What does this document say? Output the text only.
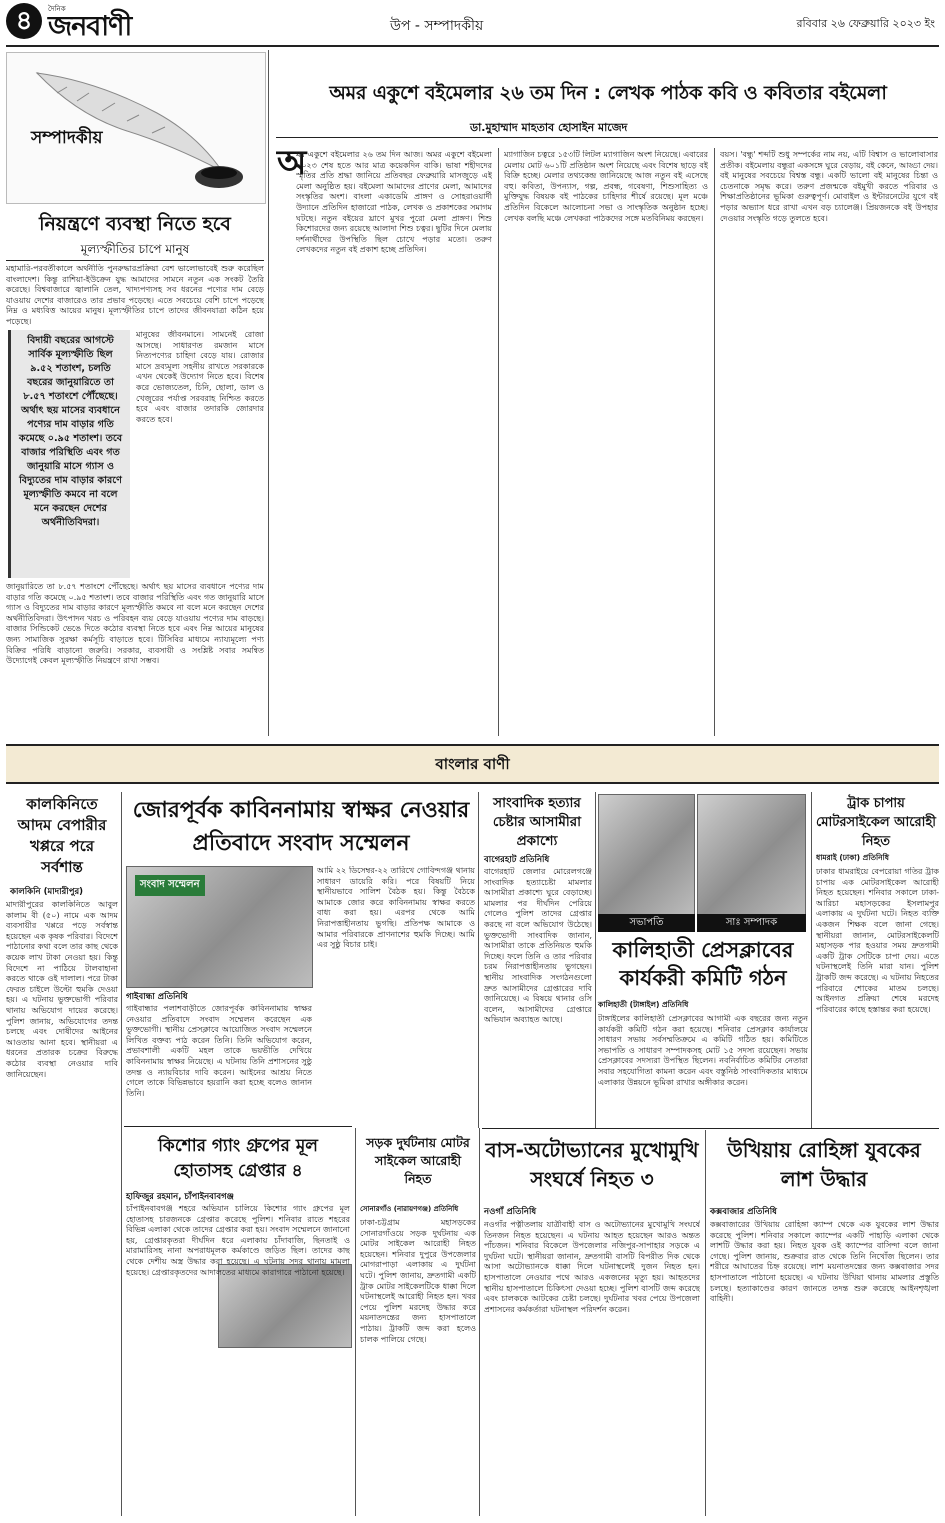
৪	দৈনিক
জনবাণী	উপ - সম্পাদকীয়	রবিবার ২৬ ফেব্রুয়ারি ২০২৩ ইং
সম্পাদকীয়
নিয়ন্ত্রণে ব্যবস্থা নিতে হবে
মূল্যস্ফীতির চাপে মানুষ
মহামারি-পরবর্তীকালে অর্থনীতি পুনরুদ্ধারপ্রক্রিয়া বেশ ভালোভাবেই শুরু করেছিল বাংলাদেশ। কিন্তু রাশিয়া-ইউক্রেন যুদ্ধ আমাদের সামনে নতুন এক সংকট তৈরি করেছে। বিশ্ববাজারে জ্বালানি তেল, খাদ্যপণ্যসহ সব ধরনের পণ্যের দাম বেড়ে যাওয়ায় দেশের বাজারেও তার প্রভাব পড়েছে। এতে সবচেয়ে বেশি চাপে পড়েছে নিম্ন ও মধ্যবিত্ত আয়ের মানুষ। মূল্যস্ফীতির চাপে তাদের জীবনযাত্রা কঠিন হয়ে পড়েছে।
বিদায়ী বছরের আগস্টে সার্বিক মূল্যস্ফীতি ছিল ৯.৫২ শতাংশ, চলতি বছরের জানুয়ারিতে তা ৮.৫৭ শতাংশে পৌঁছেছে। অর্থাৎ ছয় মাসের ব্যবধানে পণ্যের দাম বাড়ার গতি কমেছে ০.৯৫ শতাংশ। তবে বাজার পরিস্থিতি এবং গত জানুয়ারি মাসে গ্যাস ও বিদ্যুতের দাম বাড়ার কারণে মূল্যস্ফীতি কমবে না বলে মনে করছেন দেশের অর্থনীতিবিদরা।
মানুষের জীবনমানে। সামনেই রোজা আসছে। সাধারণত রমজান মাসে নিত্যপণ্যের চাহিদা বেড়ে যায়। রোজার মাসে দ্রব্যমূল্য সহনীয় রাখতে সরকারকে এখন থেকেই উদ্যোগ নিতে হবে। বিশেষ করে ভোজ্যতেল, চিনি, ছোলা, ডাল ও খেজুরের পর্যাপ্ত সরবরাহ নিশ্চিত করতে হবে এবং বাজার তদারকি জোরদার করতে হবে।
জানুয়ারিতে তা ৮.৫৭ শতাংশে পৌঁছেছে। অর্থাৎ ছয় মাসের ব্যবধানে পণ্যের দাম বাড়ার গতি কমেছে ০.৯৫ শতাংশ। তবে বাজার পরিস্থিতি এবং গত জানুয়ারি মাসে গ্যাস ও বিদ্যুতের দাম বাড়ার কারণে মূল্যস্ফীতি কমবে না বলে মনে করছেন দেশের অর্থনীতিবিদরা। উৎপাদন খরচ ও পরিবহন ব্যয় বেড়ে যাওয়ায় পণ্যের দাম বাড়ছে। বাজার সিন্ডিকেট ভেঙে দিতে কঠোর ব্যবস্থা নিতে হবে এবং নিম্ন আয়ের মানুষের জন্য সামাজিক সুরক্ষা কর্মসূচি বাড়াতে হবে। টিসিবির মাধ্যমে ন্যায্যমূল্যে পণ্য বিক্রির পরিধি বাড়ানো জরুরি। সরকার, ব্যবসায়ী ও সংশ্লিষ্ট সবার সমন্বিত উদ্যোগেই কেবল মূল্যস্ফীতি নিয়ন্ত্রণে রাখা সম্ভব।
অমর একুশে বইমেলার ২৬ তম দিন : লেখক পাঠক কবি ও কবিতার বইমেলা
ডা.মুহাম্মাদ মাহতাব হোসাইন মাজেদ
অ
মর একুশে বইমেলার ২৬ তম দিন আজ। অমর একুশে বইমেলা ২০২৩ শেষ হতে আর মাত্র কয়েকদিন বাকি। ভাষা শহীদদের স্মৃতির প্রতি শ্রদ্ধা জানিয়ে প্রতিবছর ফেব্রুয়ারি মাসজুড়ে এই মেলা অনুষ্ঠিত হয়। বইমেলা আমাদের প্রাণের মেলা, আমাদের সংস্কৃতির অংশ। বাংলা একাডেমি প্রাঙ্গণ ও সোহরাওয়ার্দী উদ্যানে প্রতিদিন হাজারো পাঠক, লেখক ও প্রকাশকের সমাগম ঘটছে। নতুন বইয়ের ঘ্রাণে মুখর পুরো মেলা প্রাঙ্গণ। শিশু কিশোরদের জন্য রয়েছে আলাদা শিশু চত্বর। ছুটির দিনে মেলায় দর্শনার্থীদের উপস্থিতি ছিল চোখে পড়ার মতো। তরুণ লেখকদের নতুন বই প্রকাশ হচ্ছে প্রতিদিন।
ম্যাগাজিন চত্বরে ১৫৩টি লিটল ম্যাগাজিন অংশ নিয়েছে। এবারের মেলায় মোট ৬০১টি প্রতিষ্ঠান অংশ নিয়েছে এবং বিশেষ ছাড়ে বই বিক্রি হচ্ছে। মেলার তথ্যকেন্দ্র জানিয়েছে আজ নতুন বই এসেছে বহু। কবিতা, উপন্যাস, গল্প, প্রবন্ধ, গবেষণা, শিশুসাহিত্য ও মুক্তিযুদ্ধ বিষয়ক বই পাঠকের চাহিদার শীর্ষে রয়েছে। মূল মঞ্চে প্রতিদিন বিকেলে আলোচনা সভা ও সাংস্কৃতিক অনুষ্ঠান হচ্ছে। লেখক বলছি মঞ্চে লেখকরা পাঠকদের সঙ্গে মতবিনিময় করছেন।
বয়স। 'বন্ধু' শব্দটি শুধু সম্পর্কের নাম নয়, এটি বিশ্বাস ও ভালোবাসার প্রতীক। বইমেলায় বন্ধুরা একসঙ্গে ঘুরে বেড়ায়, বই কেনে, আড্ডা দেয়। বই মানুষের সবচেয়ে বিশ্বস্ত বন্ধু। একটি ভালো বই মানুষের চিন্তা ও চেতনাকে সমৃদ্ধ করে। তরুণ প্রজন্মকে বইমুখী করতে পরিবার ও শিক্ষাপ্রতিষ্ঠানের ভূমিকা গুরুত্বপূর্ণ। মোবাইল ও ইন্টারনেটের যুগে বই পড়ার অভ্যাস ধরে রাখা এখন বড় চ্যালেঞ্জ। প্রিয়জনকে বই উপহার দেওয়ার সংস্কৃতি গড়ে তুলতে হবে।
বাংলার বাণী
কালকিনিতে আদম বেপারীর খপ্পরে পরে সর্বশান্ত
কালকিনি (মাদারীপুর)
মাদারীপুরের কালকিনিতে আবুল কালাম বী (৫০) নামে এক আদম ব্যবসায়ীর খপ্পরে পড়ে সর্বস্বান্ত হয়েছেন এক কৃষক পরিবার। বিদেশে পাঠানোর কথা বলে তার কাছ থেকে কয়েক লাখ টাকা নেওয়া হয়। কিন্তু বিদেশে না পাঠিয়ে টালবাহানা করতে থাকে ওই দালাল। পরে টাকা ফেরত চাইলে উল্টো হুমকি দেওয়া হয়। এ ঘটনায় ভুক্তভোগী পরিবার থানায় অভিযোগ দায়ের করেছে। পুলিশ জানায়, অভিযোগের তদন্ত চলছে এবং দোষীদের আইনের আওতায় আনা হবে। স্থানীয়রা এ ধরনের প্রতারক চক্রের বিরুদ্ধে কঠোর ব্যবস্থা নেওয়ার দাবি জানিয়েছেন।
জোরপূর্বক কাবিননামায় স্বাক্ষর নেওয়ার প্রতিবাদে সংবাদ সম্মেলন
সংবাদ সম্মেলন
গাইবান্ধা প্রতিনিধি
আমি ২২ ডিসেম্বর-২২ তারিখে গোবিন্দগঞ্জ থানায় সাধারণ ডায়েরি করি। পরে বিষয়টি নিয়ে স্থানীয়ভাবে সালিশ বৈঠক হয়। কিন্তু বৈঠকে আমাকে জোর করে কাবিননামায় স্বাক্ষর করতে বাধ্য করা হয়। এরপর থেকে আমি নিরাপত্তাহীনতায় ভুগছি। প্রতিপক্ষ আমাকে ও আমার পরিবারকে প্রাণনাশের হুমকি দিচ্ছে। আমি এর সুষ্ঠু বিচার চাই।
গাইবান্ধার পলাশবাড়ীতে জোরপূর্বক কাবিননামায় স্বাক্ষর নেওয়ার প্রতিবাদে সংবাদ সম্মেলন করেছেন এক ভুক্তভোগী। স্থানীয় প্রেসক্লাবে আয়োজিত সংবাদ সম্মেলনে লিখিত বক্তব্য পাঠ করেন তিনি। তিনি অভিযোগ করেন, প্রভাবশালী একটি মহল তাকে ভয়ভীতি দেখিয়ে কাবিননামায় স্বাক্ষর নিয়েছে। এ ঘটনায় তিনি প্রশাসনের সুষ্ঠু তদন্ত ও ন্যায়বিচার দাবি করেন। আইনের আশ্রয় নিতে গেলে তাকে বিভিন্নভাবে হয়রানি করা হচ্ছে বলেও জানান তিনি।
কিশোর গ্যাং গ্রুপের মূল হোতাসহ গ্রেপ্তার ৪
হাফিজুর রহমান, চাঁপাইনবাবগঞ্জ
চাঁপাইনবাবগঞ্জ শহরে অভিযান চালিয়ে কিশোর গ্যাং গ্রুপের মূল হোতাসহ চারজনকে গ্রেপ্তার করেছে পুলিশ। শনিবার রাতে শহরের বিভিন্ন এলাকা থেকে তাদের গ্রেপ্তার করা হয়। সংবাদ সম্মেলনে জানানো হয়, গ্রেপ্তারকৃতরা দীর্ঘদিন ধরে এলাকায় চাঁদাবাজি, ছিনতাই ও মারামারিসহ নানা অপরাধমূলক কর্মকাণ্ডে জড়িত ছিল। তাদের কাছ থেকে দেশীয় অস্ত্র উদ্ধার করা হয়েছে। এ ঘটনায় সদর থানায় মামলা হয়েছে। গ্রেপ্তারকৃতদের আদালতের মাধ্যমে কারাগারে পাঠানো হয়েছে।
সড়ক দুর্ঘটনায় মোটর সাইকেল আরোহী নিহত
সোনারগাঁও (নারায়ণগঞ্জ) প্রতিনিধি
ঢাকা-চট্টগ্রাম মহাসড়কের সোনারগাঁওয়ে সড়ক দুর্ঘটনায় এক মোটর সাইকেল আরোহী নিহত হয়েছেন। শনিবার দুপুরে উপজেলার মোগরাপাড়া এলাকায় এ দুর্ঘটনা ঘটে। পুলিশ জানায়, দ্রুতগামী একটি ট্রাক মোটর সাইকেলটিকে ধাক্কা দিলে ঘটনাস্থলেই আরোহী নিহত হন। খবর পেয়ে পুলিশ মরদেহ উদ্ধার করে ময়নাতদন্তের জন্য হাসপাতালে পাঠায়। ট্রাকটি জব্দ করা হলেও চালক পালিয়ে গেছে।
সাংবাদিক হত্যার চেষ্টার আসামীরা প্রকাশ্যে
বাগেরহাট প্রতিনিধি
বাগেরহাট জেলার মোরেলগঞ্জে সাংবাদিক হত্যাচেষ্টা মামলার আসামীরা প্রকাশ্যে ঘুরে বেড়াচ্ছে। মামলার পর দীর্ঘদিন পেরিয়ে গেলেও পুলিশ তাদের গ্রেপ্তার করছে না বলে অভিযোগ উঠেছে। ভুক্তভোগী সাংবাদিক জানান, আসামীরা তাকে প্রতিনিয়ত হুমকি দিচ্ছে। ফলে তিনি ও তার পরিবার চরম নিরাপত্তাহীনতায় ভুগছেন। স্থানীয় সাংবাদিক সংগঠনগুলো দ্রুত আসামীদের গ্রেপ্তারের দাবি জানিয়েছে। এ বিষয়ে থানার ওসি বলেন, আসামীদের গ্রেপ্তারে অভিযান অব্যাহত আছে।
সভাপতি	সাঃ সম্পাদক
কালিহাতী প্রেসক্লাবের কার্যকরী কমিটি গঠন
কালিহাতী (টাঙ্গাইল) প্রতিনিধি
টাঙ্গাইলের কালিহাতী প্রেসক্লাবের আগামী এক বছরের জন্য নতুন কার্যকরী কমিটি গঠন করা হয়েছে। শনিবার প্রেসক্লাব কার্যালয়ে সাধারণ সভায় সর্বসম্মতিক্রমে এ কমিটি গঠিত হয়। কমিটিতে সভাপতি ও সাধারণ সম্পাদকসহ মোট ১৫ সদস্য রয়েছেন। সভায় প্রেসক্লাবের সদস্যরা উপস্থিত ছিলেন। নবনির্বাচিত কমিটির নেতারা সবার সহযোগিতা কামনা করেন এবং বস্তুনিষ্ঠ সাংবাদিকতার মাধ্যমে এলাকার উন্নয়নে ভূমিকা রাখার অঙ্গীকার করেন।
ট্রাক চাপায় মোটরসাইকেল আরোহী নিহত
ধামরাই (ঢাকা) প্রতিনিধি
ঢাকার ধামরাইয়ে বেপরোয়া গতির ট্রাক চাপায় এক মোটরসাইকেল আরোহী নিহত হয়েছেন। শনিবার সকালে ঢাকা-আরিচা মহাসড়কের ইসলামপুর এলাকায় এ দুর্ঘটনা ঘটে। নিহত ব্যক্তি একজন শিক্ষক বলে জানা গেছে। স্থানীয়রা জানান, মোটরসাইকেলটি মহাসড়ক পার হওয়ার সময় দ্রুতগামী একটি ট্রাক সেটিকে চাপা দেয়। এতে ঘটনাস্থলেই তিনি মারা যান। পুলিশ ট্রাকটি জব্দ করেছে। এ ঘটনায় নিহতের পরিবারে শোকের মাতম চলছে। আইনগত প্রক্রিয়া শেষে মরদেহ পরিবারের কাছে হস্তান্তর করা হয়েছে।
বাস-অটোভ্যানের মুখোমুখি সংঘর্ষে নিহত ৩
নওগাঁ প্রতিনিধি
নওগাঁর পত্নীতলায় যাত্রীবাহী বাস ও অটোভ্যানের মুখোমুখি সংঘর্ষে তিনজন নিহত হয়েছেন। এ ঘটনায় আহত হয়েছেন আরও অন্তত পাঁচজন। শনিবার বিকেলে উপজেলার নজিপুর-সাপাহার সড়কে এ দুর্ঘটনা ঘটে। স্থানীয়রা জানান, দ্রুতগামী বাসটি বিপরীত দিক থেকে আসা অটোভ্যানকে ধাক্কা দিলে ঘটনাস্থলেই দুজন নিহত হন। হাসপাতালে নেওয়ার পথে আরও একজনের মৃত্যু হয়। আহতদের স্থানীয় হাসপাতালে চিকিৎসা দেওয়া হচ্ছে। পুলিশ বাসটি জব্দ করেছে এবং চালককে আটকের চেষ্টা চলছে। দুর্ঘটনার খবর পেয়ে উপজেলা প্রশাসনের কর্মকর্তারা ঘটনাস্থল পরিদর্শন করেন।
উখিয়ায় রোহিঙ্গা যুবকের লাশ উদ্ধার
কক্সবাজার প্রতিনিধি
কক্সবাজারের উখিয়ায় রোহিঙ্গা ক্যাম্প থেকে এক যুবকের লাশ উদ্ধার করেছে পুলিশ। শনিবার সকালে ক্যাম্পের একটি পাহাড়ি এলাকা থেকে লাশটি উদ্ধার করা হয়। নিহত যুবক ওই ক্যাম্পের বাসিন্দা বলে জানা গেছে। পুলিশ জানায়, শুক্রবার রাত থেকে তিনি নিখোঁজ ছিলেন। তার শরীরে আঘাতের চিহ্ন রয়েছে। লাশ ময়নাতদন্তের জন্য কক্সবাজার সদর হাসপাতালে পাঠানো হয়েছে। এ ঘটনায় উখিয়া থানায় মামলার প্রস্তুতি চলছে। হত্যাকাণ্ডের কারণ জানতে তদন্ত শুরু করেছে আইনশৃঙ্খলা বাহিনী।
